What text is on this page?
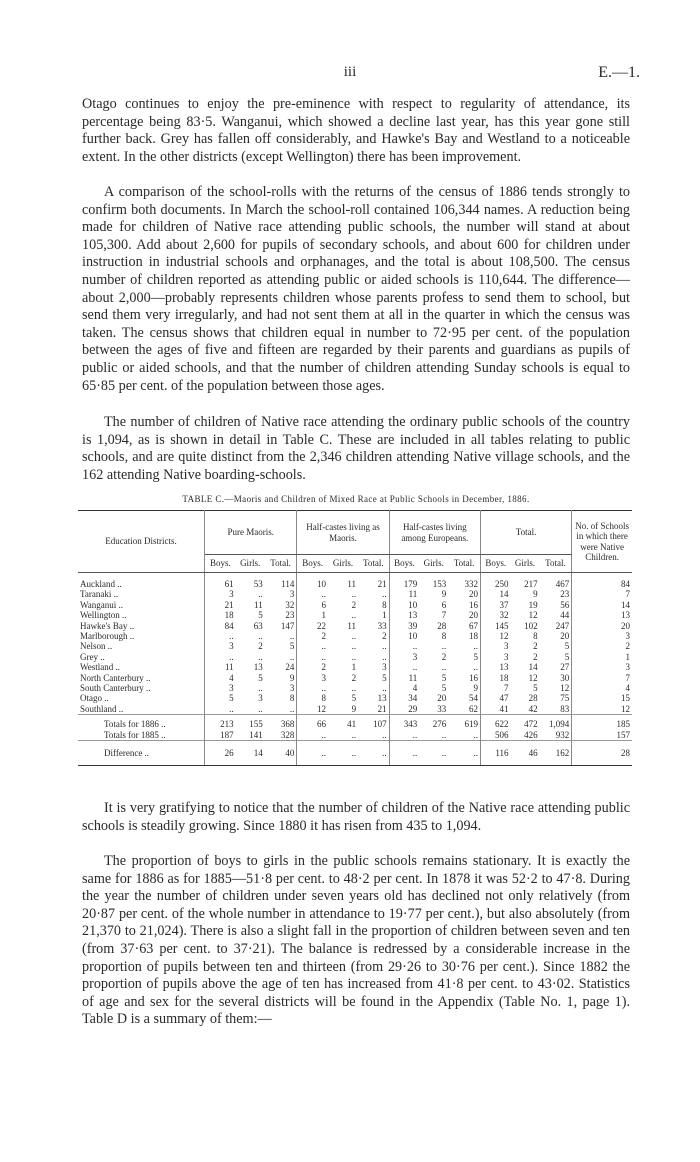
iii	E.—1.

Otago continues to enjoy the pre-eminence with respect to regularity of attendance, its percentage being 83·5. Wanganui, which showed a decline last year, has this year gone still further back. Grey has fallen off considerably, and Hawke's Bay and Westland to a noticeable extent. In the other districts (except Wellington) there has been improvement.

A comparison of the school-rolls with the returns of the census of 1886 tends strongly to confirm both documents. In March the school-roll contained 106,344 names. A reduction being made for children of Native race attending public schools, the number will stand at about 105,300. Add about 2,600 for pupils of secondary schools, and about 600 for children under instruction in industrial schools and orphanages, and the total is about 108,500. The census number of children reported as attending public or aided schools is 110,644. The difference—about 2,000—probably represents children whose parents profess to send them to school, but send them very irregularly, and had not sent them at all in the quarter in which the census was taken. The census shows that children equal in number to 72·95 per cent. of the population between the ages of five and fifteen are regarded by their parents and guardians as pupils of public or aided schools, and that the number of children attending Sunday schools is equal to 65·85 per cent. of the population between those ages.

The number of children of Native race attending the ordinary public schools of the country is 1,094, as is shown in detail in Table C. These are included in all tables relating to public schools, and are quite distinct from the 2,346 children attending Native village schools, and the 162 attending Native boarding-schools.

TABLE C.—Maoris and Children of Mixed Race at Public Schools in December, 1886.
Education Districts.	Pure Maoris.			Half-castes living as Maoris.			Half-castes living among Europeans.			Total.			No. of Schools in which there were Native Children.
	Boys.	Girls.	Total.	Boys.	Girls.	Total.	Boys.	Girls.	Total.	Boys.	Girls.	Total.	
Auckland ..	61	53	114	10	11	21	179	153	332	250	217	467	84
Taranaki ..	3	..	3	..	..	..	11	9	20	14	9	23	7
Wanganui ..	21	11	32	6	2	8	10	6	16	37	19	56	14
Wellington ..	18	5	23	1	..	1	13	7	20	32	12	44	13
Hawke's Bay ..	84	63	147	22	11	33	39	28	67	145	102	247	20
Marlborough ..	..	..	..	2	..	2	10	8	18	12	8	20	3
Nelson ..	3	2	5	..	..	..	..	..	..	3	2	5	2
Grey ..	..	..	..	..	..	..	3	2	5	3	2	5	1
Westland ..	11	13	24	2	1	3	..	..	..	13	14	27	3
North Canterbury ..	4	5	9	3	2	5	11	5	16	18	12	30	7
South Canterbury ..	3	..	3	..	..	..	4	5	9	7	5	12	4
Otago ..	5	3	8	8	5	13	34	20	54	47	28	75	15
Southland ..	..	..	..	12	9	21	29	33	62	41	42	83	12
Totals for 1886 ..	213	155	368	66	41	107	343	276	619	622	472	1,094	185
Totals for 1885 ..	187	141	328	..	..	..	..	..	..	506	426	932	157
Difference ..	26	14	40	..	..	..	..	..	..	116	46	162	28

It is very gratifying to notice that the number of children of the Native race attending public schools is steadily growing. Since 1880 it has risen from 435 to 1,094.

The proportion of boys to girls in the public schools remains stationary. It is exactly the same for 1886 as for 1885—51·8 per cent. to 48·2 per cent. In 1878 it was 52·2 to 47·8. During the year the number of children under seven years old has declined not only relatively (from 20·87 per cent. of the whole number in attendance to 19·77 per cent.), but also absolutely (from 21,370 to 21,024). There is also a slight fall in the proportion of children between seven and ten (from 37·63 per cent. to 37·21). The balance is redressed by a considerable increase in the proportion of pupils between ten and thirteen (from 29·26 to 30·76 per cent.). Since 1882 the proportion of pupils above the age of ten has increased from 41·8 per cent. to 43·02. Statistics of age and sex for the several districts will be found in the Appendix (Table No. 1, page 1). Table D is a summary of them:—
